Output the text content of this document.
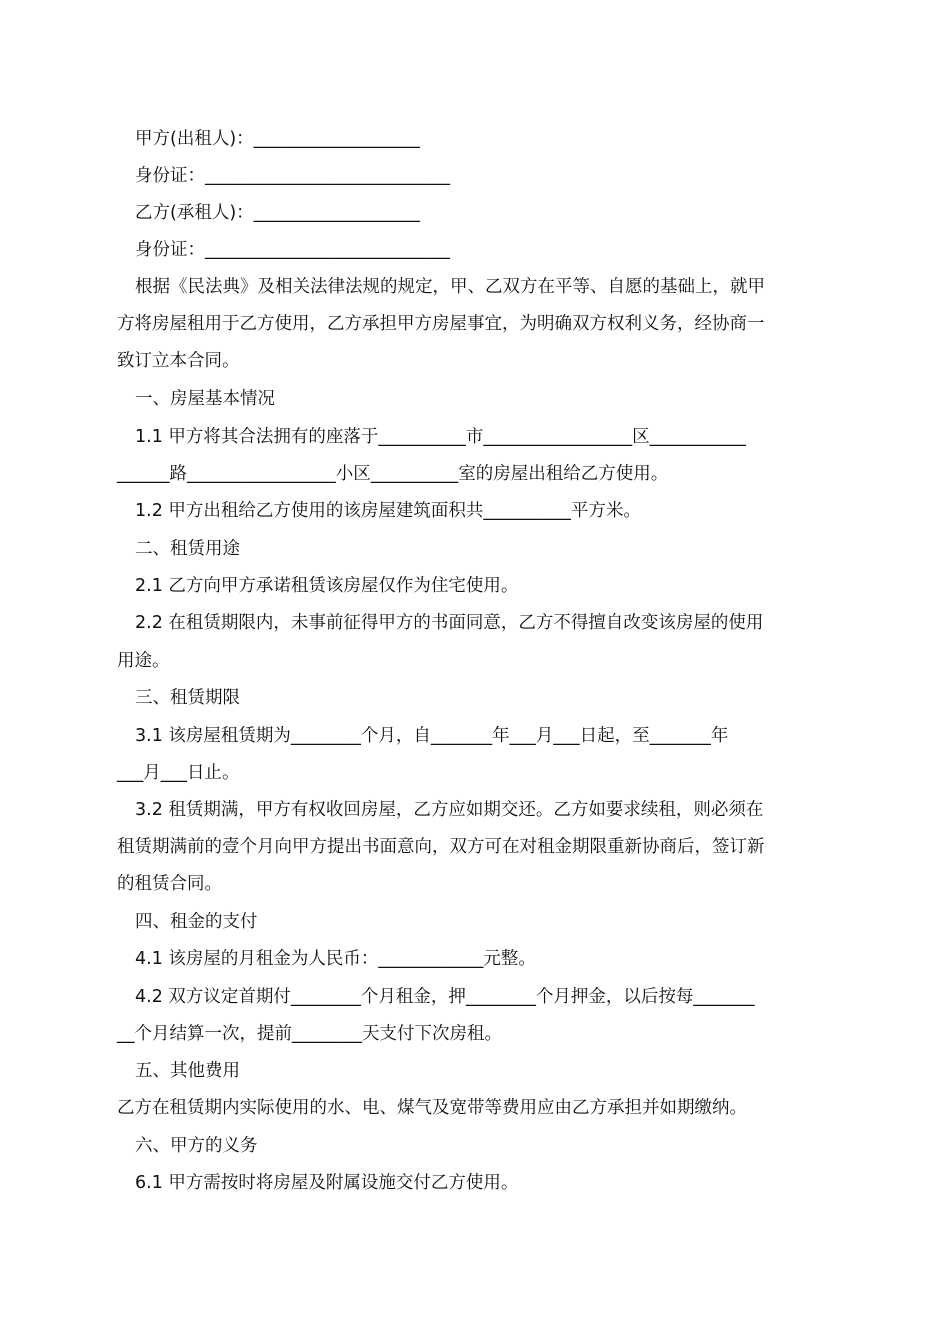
甲方(出租人)：___________________
身份证：____________________________
乙方(承租人)：___________________
身份证：____________________________
根据《民法典》及相关法律法规的规定，甲、乙双方在平等、自愿的基础上，就甲
方将房屋租用于乙方使用，乙方承担甲方房屋事宜，为明确双方权利义务，经协商一
致订立本合同。
一、房屋基本情况
1.1 甲方将其合法拥有的座落于__________市_________________区___________
______路_________________小区__________室的房屋出租给乙方使用。
1.2 甲方出租给乙方使用的该房屋建筑面积共__________平方米。
二、租赁用途
2.1 乙方向甲方承诺租赁该房屋仅作为住宅使用。
2.2 在租赁期限内，未事前征得甲方的书面同意，乙方不得擅自改变该房屋的使用
用途。
三、租赁期限
3.1 该房屋租赁期为________个月，自_______年___月___日起，至_______年
___月___日止。
3.2 租赁期满，甲方有权收回房屋，乙方应如期交还。乙方如要求续租，则必须在
租赁期满前的壹个月向甲方提出书面意向，双方可在对租金期限重新协商后，签订新
的租赁合同。
四、租金的支付
4.1 该房屋的月租金为人民币：____________元整。
4.2 双方议定首期付________个月租金，押________个月押金，以后按每_______
__个月结算一次，提前________天支付下次房租。
五、其他费用
乙方在租赁期内实际使用的水、电、煤气及宽带等费用应由乙方承担并如期缴纳。
六、甲方的义务
6.1 甲方需按时将房屋及附属设施交付乙方使用。
